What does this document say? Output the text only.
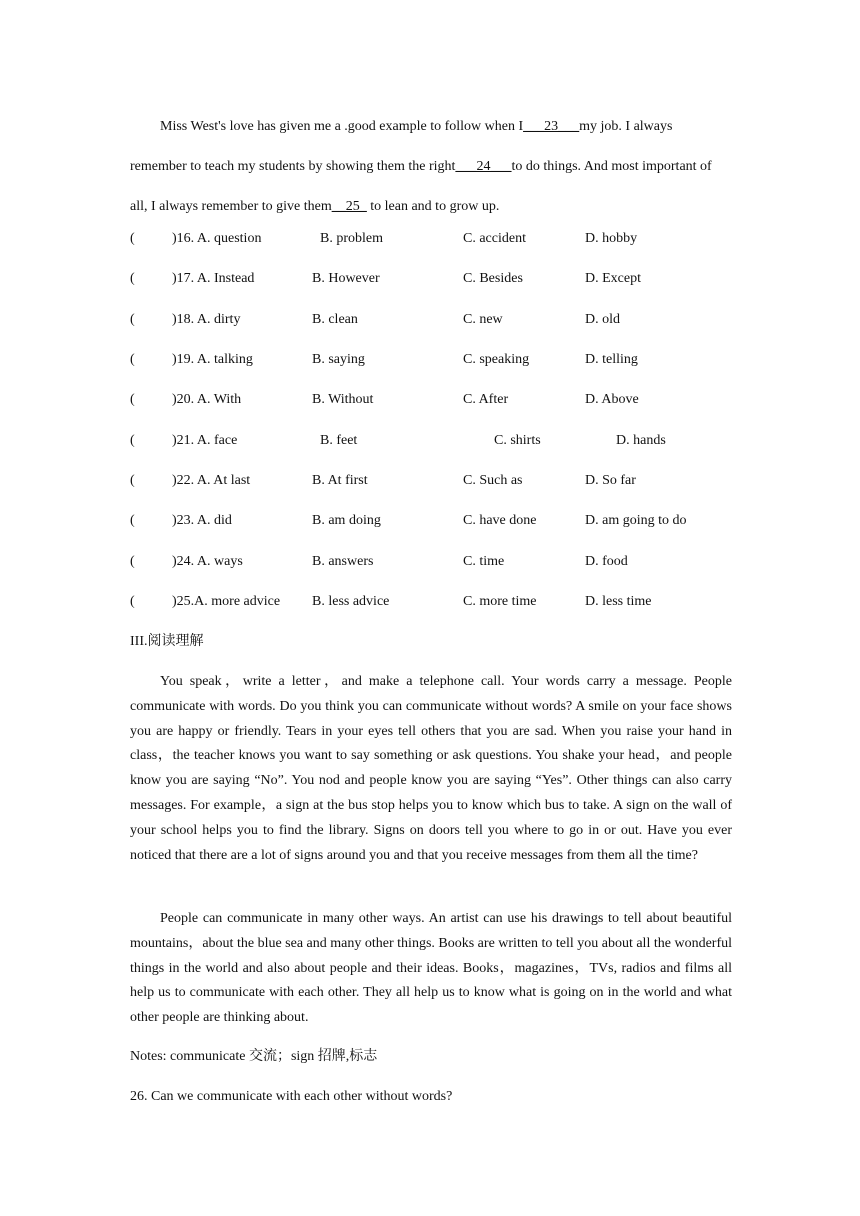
Miss West's love has given me a .good example to follow when I___23___my job. I always remember to teach my students by showing them the right___24___to do things. And most important of all, I always remember to give them__25_ to lean and to grow up.

(	)16. A. question	B. problem	C. accident	D. hobby
(	)17. A. Instead	B. However	C. Besides	D. Except
(	)18. A. dirty	B. clean	C. new	D. old
(	)19. A. talking	B. saying	C. speaking	D. telling
(	)20. A. With	B. Without	C. After	D. Above
(	)21. A. face	B. feet	C. shirts	D. hands
(	)22. A. At last	B. At first	C. Such as	D. So far
(	)23. A. did	B. am doing	C. have done	D. am going to do
(	)24. A. ways	B. answers	C. time	D. food
(	)25.A. more advice B. less advice	C. more time	D. less time

III.阅读理解

You speak，write a letter，and make a telephone call. Your words carry a message. People communicate with words. Do you think you can communicate without words? A smile on your face shows you are happy or friendly. Tears in your eyes tell others that you are sad. When you raise your hand in class，the teacher knows you want to say something or ask questions. You shake your head，and people know you are saying “No”. You nod and people know you are saying “Yes”. Other things can also carry messages. For example，a sign at the bus stop helps you to know which bus to take. A sign on the wall of your school helps you to find the library. Signs on doors tell you where to go in or out. Have you ever noticed that there are a lot of signs around you and that you receive messages from them all the time?

People can communicate in many other ways. An artist can use his drawings to tell about beautiful mountains，about the blue sea and many other things. Books are written to tell you about all the wonderful things in the world and also about people and their ideas. Books，magazines，TVs, radios and films all help us to communicate with each other. They all help us to know what is going on in the world and what other people are thinking about.

Notes: communicate 交流；sign 招牌,标志

26. Can we communicate with each other without words?
